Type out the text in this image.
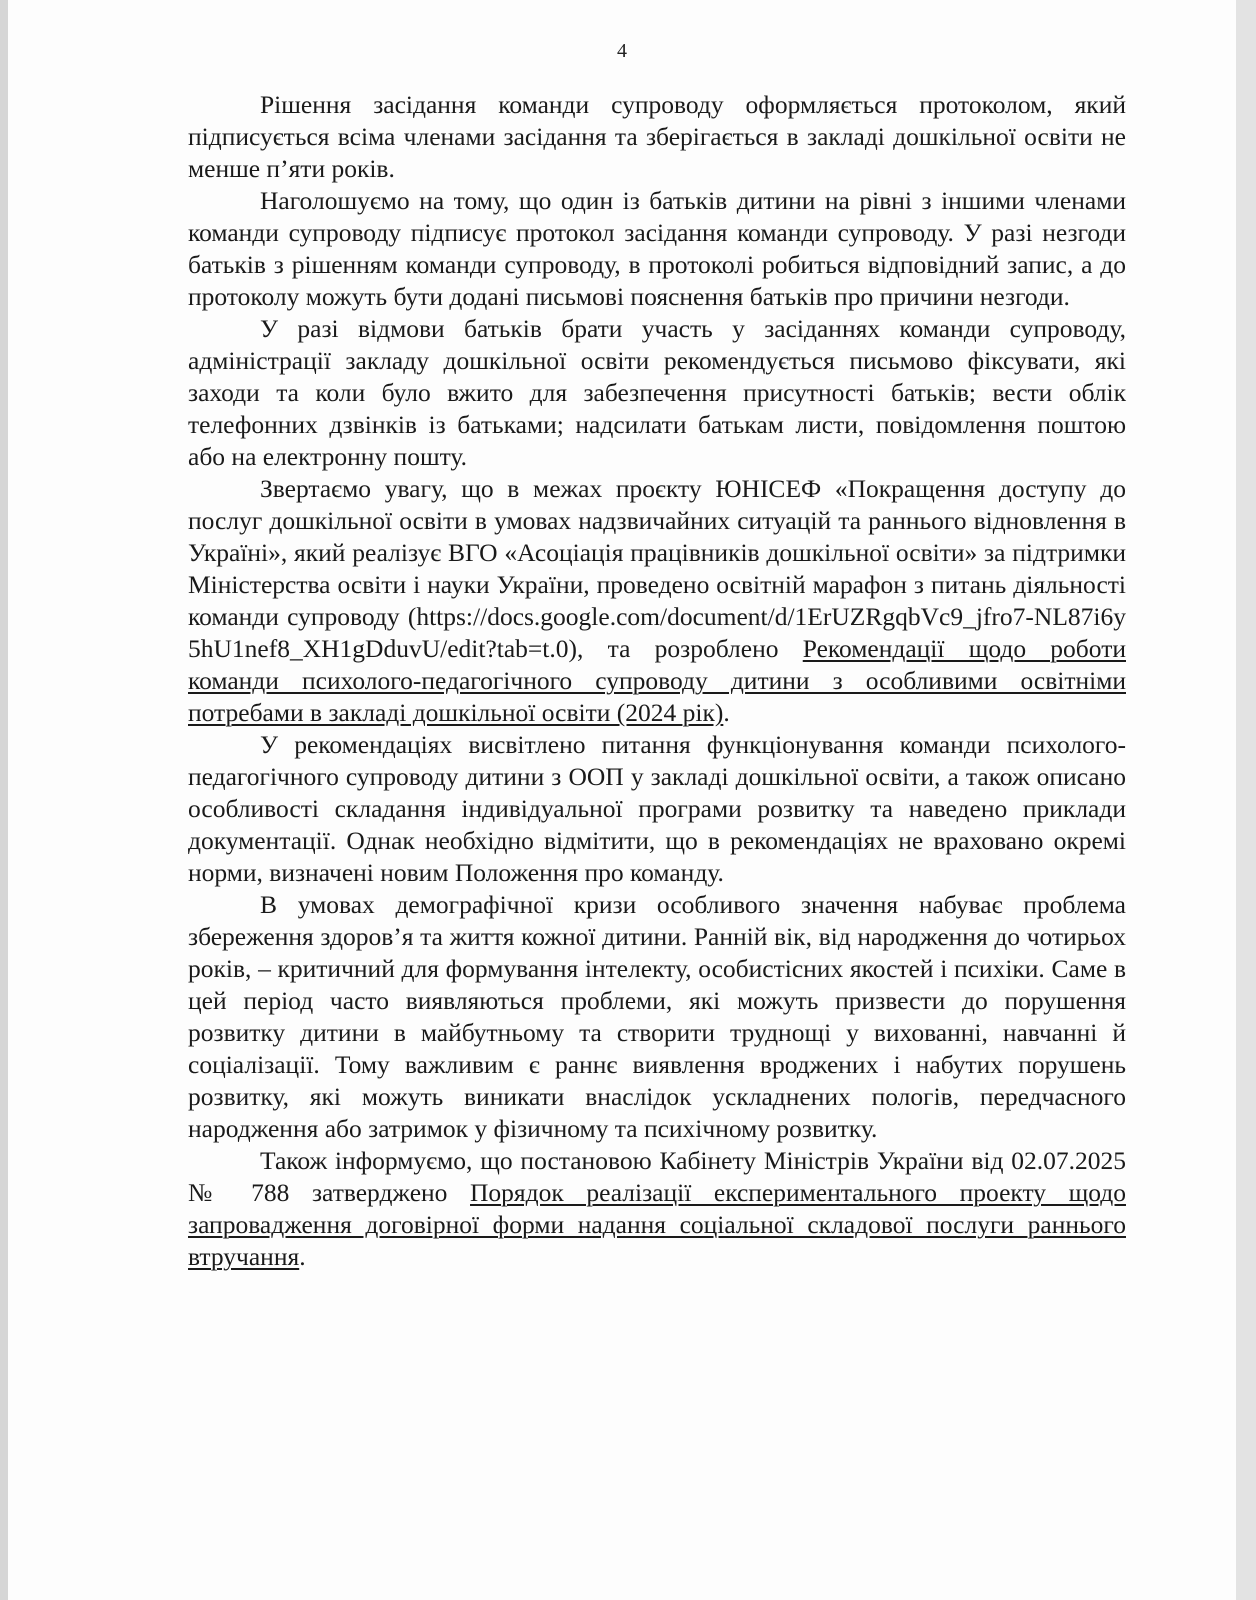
4

Рішення засідання команди супроводу оформляється протоколом, який підписується всіма членами засідання та зберігається в закладі дошкільної освіти не менше п’яти років.

Наголошуємо на тому, що один із батьків дитини на рівні з іншими членами команди супроводу підписує протокол засідання команди супроводу. У разі незгоди батьків з рішенням команди супроводу, в протоколі робиться відповідний запис, а до протоколу можуть бути додані письмові пояснення батьків про причини незгоди.

У разі відмови батьків брати участь у засіданнях команди супроводу, адміністрації закладу дошкільної освіти рекомендується письмово фіксувати, які заходи та коли було вжито для забезпечення присутності батьків; вести облік телефонних дзвінків із батьками; надсилати батькам листи, повідомлення поштою або на електронну пошту.

Звертаємо увагу, що в межах проєкту ЮНІСЕФ «Покращення доступу до послуг дошкільної освіти в умовах надзвичайних ситуацій та раннього відновлення в Україні», який реалізує ВГО «Асоціація працівників дошкільної освіти» за підтримки Міністерства освіти і науки України, проведено освітній марафон з питань діяльності команди супроводу (https://docs.google.com/document/d/1ErUZRgqbVc9_jfro7-NL87i6y5hU1nef8_XH1gDduvU/edit?tab=t.0), та розроблено Рекомендації щодо роботи команди психолого-педагогічного супроводу дитини з особливими освітніми потребами в закладі дошкільної освіти (2024 рік).

У рекомендаціях висвітлено питання функціонування команди психолого-педагогічного супроводу дитини з ООП у закладі дошкільної освіти, а також описано особливості складання індивідуальної програми розвитку та наведено приклади документації. Однак необхідно відмітити, що в рекомендаціях не враховано окремі норми, визначені новим Положення про команду.

В умовах демографічної кризи особливого значення набуває проблема збереження здоров’я та життя кожної дитини. Ранній вік, від народження до чотирьох років, – критичний для формування інтелекту, особистісних якостей і психіки. Саме в цей період часто виявляються проблеми, які можуть призвести до порушення розвитку дитини в майбутньому та створити труднощі у вихованні, навчанні й соціалізації. Тому важливим є раннє виявлення вроджених і набутих порушень розвитку, які можуть виникати внаслідок ускладнених пологів, передчасного народження або затримок у фізичному та психічному розвитку.

Також інформуємо, що постановою Кабінету Міністрів України від 02.07.2025 № 788 затверджено Порядок реалізації експериментального проекту щодо запровадження договірної форми надання соціальної складової послуги раннього втручання.
